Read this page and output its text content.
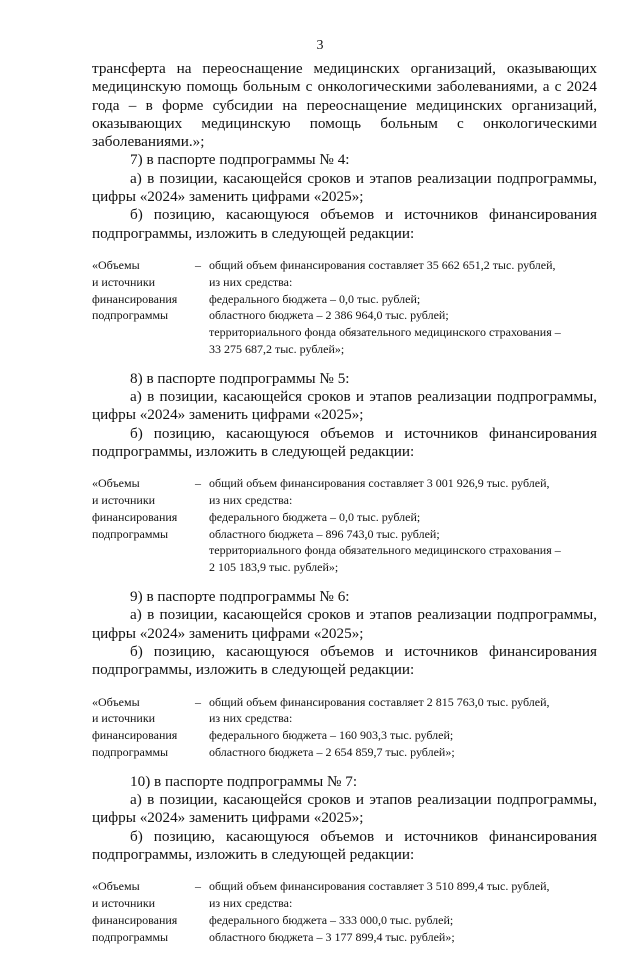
3

трансферта на переоснащение медицинских организаций, оказывающих медицинскую помощь больным с онкологическими заболеваниями, а с 2024 года – в форме субсидии на переоснащение медицинских организаций, оказывающих медицинскую помощь больным с онкологическими заболеваниями.»;

7) в паспорте подпрограммы № 4:

а) в позиции, касающейся сроков и этапов реализации подпрограммы, цифры «2024» заменить цифрами «2025»;

б) позицию, касающуюся объемов и источников финансирования подпрограммы, изложить в следующей редакции:

«Объемы
и источники
финансирования
подпрограммы
– общий объем финансирования составляет 35 662 651,2 тыс. рублей,
из них средства:
федерального бюджета – 0,0 тыс. рублей;
областного бюджета – 2 386 964,0 тыс. рублей;
территориального фонда обязательного медицинского страхования –
33 275 687,2 тыс. рублей»;

8) в паспорте подпрограммы № 5:

а) в позиции, касающейся сроков и этапов реализации подпрограммы, цифры «2024» заменить цифрами «2025»;

б) позицию, касающуюся объемов и источников финансирования подпрограммы, изложить в следующей редакции:

«Объемы
и источники
финансирования
подпрограммы
– общий объем финансирования составляет 3 001 926,9 тыс. рублей,
из них средства:
федерального бюджета – 0,0 тыс. рублей;
областного бюджета – 896 743,0 тыс. рублей;
территориального фонда обязательного медицинского страхования –
2 105 183,9 тыс. рублей»;

9) в паспорте подпрограммы № 6:

а) в позиции, касающейся сроков и этапов реализации подпрограммы, цифры «2024» заменить цифрами «2025»;

б) позицию, касающуюся объемов и источников финансирования подпрограммы, изложить в следующей редакции:

«Объемы
и источники
финансирования
подпрограммы
– общий объем финансирования составляет 2 815 763,0 тыс. рублей,
из них средства:
федерального бюджета – 160 903,3 тыс. рублей;
областного бюджета – 2 654 859,7 тыс. рублей»;

10) в паспорте подпрограммы № 7:

а) в позиции, касающейся сроков и этапов реализации подпрограммы, цифры «2024» заменить цифрами «2025»;

б) позицию, касающуюся объемов и источников финансирования подпрограммы, изложить в следующей редакции:

«Объемы
и источники
финансирования
подпрограммы
– общий объем финансирования составляет 3 510 899,4 тыс. рублей,
из них средства:
федерального бюджета – 333 000,0 тыс. рублей;
областного бюджета – 3 177 899,4 тыс. рублей»;
